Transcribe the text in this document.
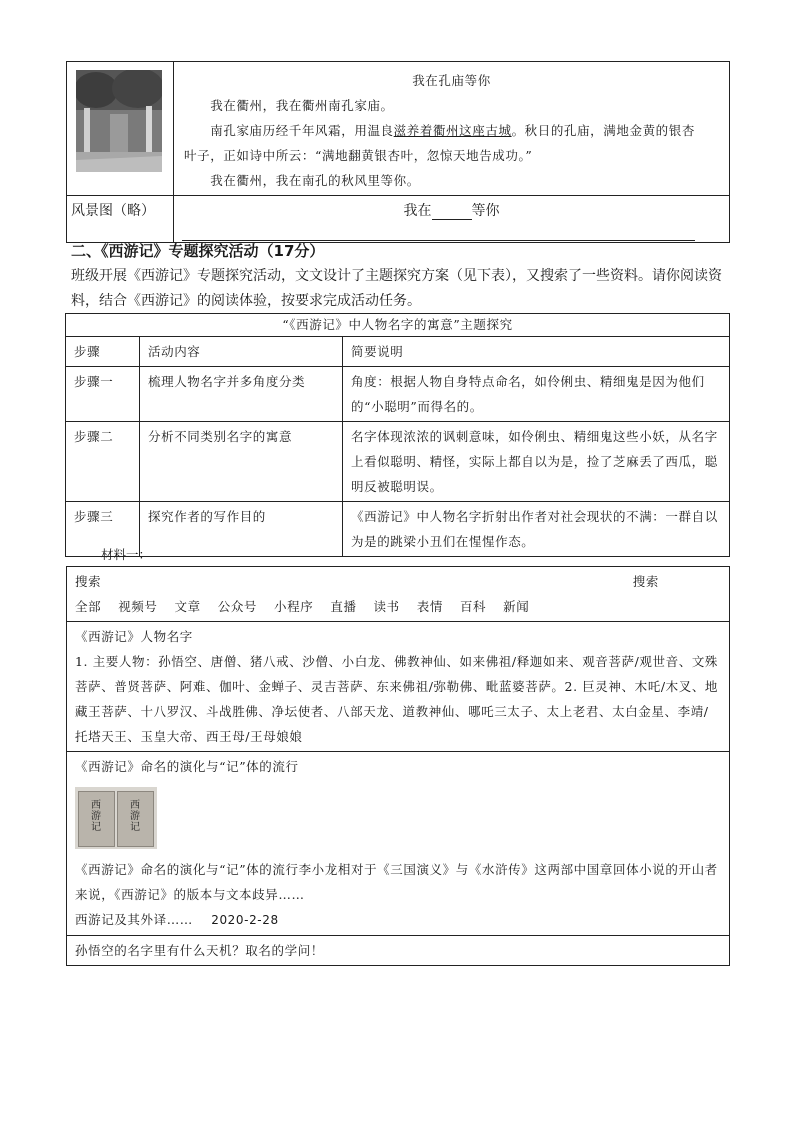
我在孔庙等你
我在衢州，我在衢州南孔家庙。
南孔家庙历经千年风霜，用温良滋养着衢州这座古城。秋日的孔庙，满地金黄的银杏
叶子，正如诗中所云：“满地翻黄银杏叶，忽惊天地告成功。”
我在衢州，我在南孔的秋风里等你。

风景图（略）	我在 等你
二、《西游记》专题探究活动（17分）
班级开展《西游记》专题探究活动，文文设计了主题探究方案（见下表），又搜索了一些资料。请你阅读资料，结合《西游记》的阅读体验，按要求完成活动任务。
“《西游记》中人物名字的寓意”主题探究		
步骤	活动内容	简要说明
步骤一	梳理人物名字并多角度分类	角度：根据人物自身特点命名，如伶俐虫、精细鬼是因为他们的“小聪明”而得名的。
步骤二	分析不同类别名字的寓意	名字体现浓浓的讽刺意味，如伶俐虫、精细鬼这些小妖，从名字上看似聪明、精怪，实际上都自以为是，捡了芝麻丢了西瓜，聪明反被聪明误。
步骤三	探究作者的写作目的	《西游记》中人物名字折射出作者对社会现状的不满：一群自以为是的跳梁小丑们在惺惺作态。
材料一：
搜索	搜索
全部 视频号 文章 公众号 小程序 直播 读书 表情 百科 新闻

《西游记》人物名字
1. 主要人物：孙悟空、唐僧、猪八戒、沙僧、小白龙、佛教神仙、如来佛祖/释迦如来、观音菩萨/观世音、文殊菩萨、普贤菩萨、阿难、伽叶、金蝉子、灵吉菩萨、东来佛祖/弥勒佛、毗蓝婆菩萨。2. 巨灵神、木吒/木叉、地藏王菩萨、十八罗汉、斗战胜佛、净坛使者、八部天龙、道教神仙、哪吒三太子、太上老君、太白金星、李靖/托塔天王、玉皇大帝、西王母/王母娘娘

《西游记》命名的演化与“记”体的流行
西游记
西游记
《西游记》命名的演化与“记”体的流行李小龙相对于《三国演义》与《水浒传》这两部中国章回体小说的开山者来说，《西游记》的版本与文本歧异……
西游记及其外译…… 2020-2-28

孙悟空的名字里有什么天机？取名的学问！
